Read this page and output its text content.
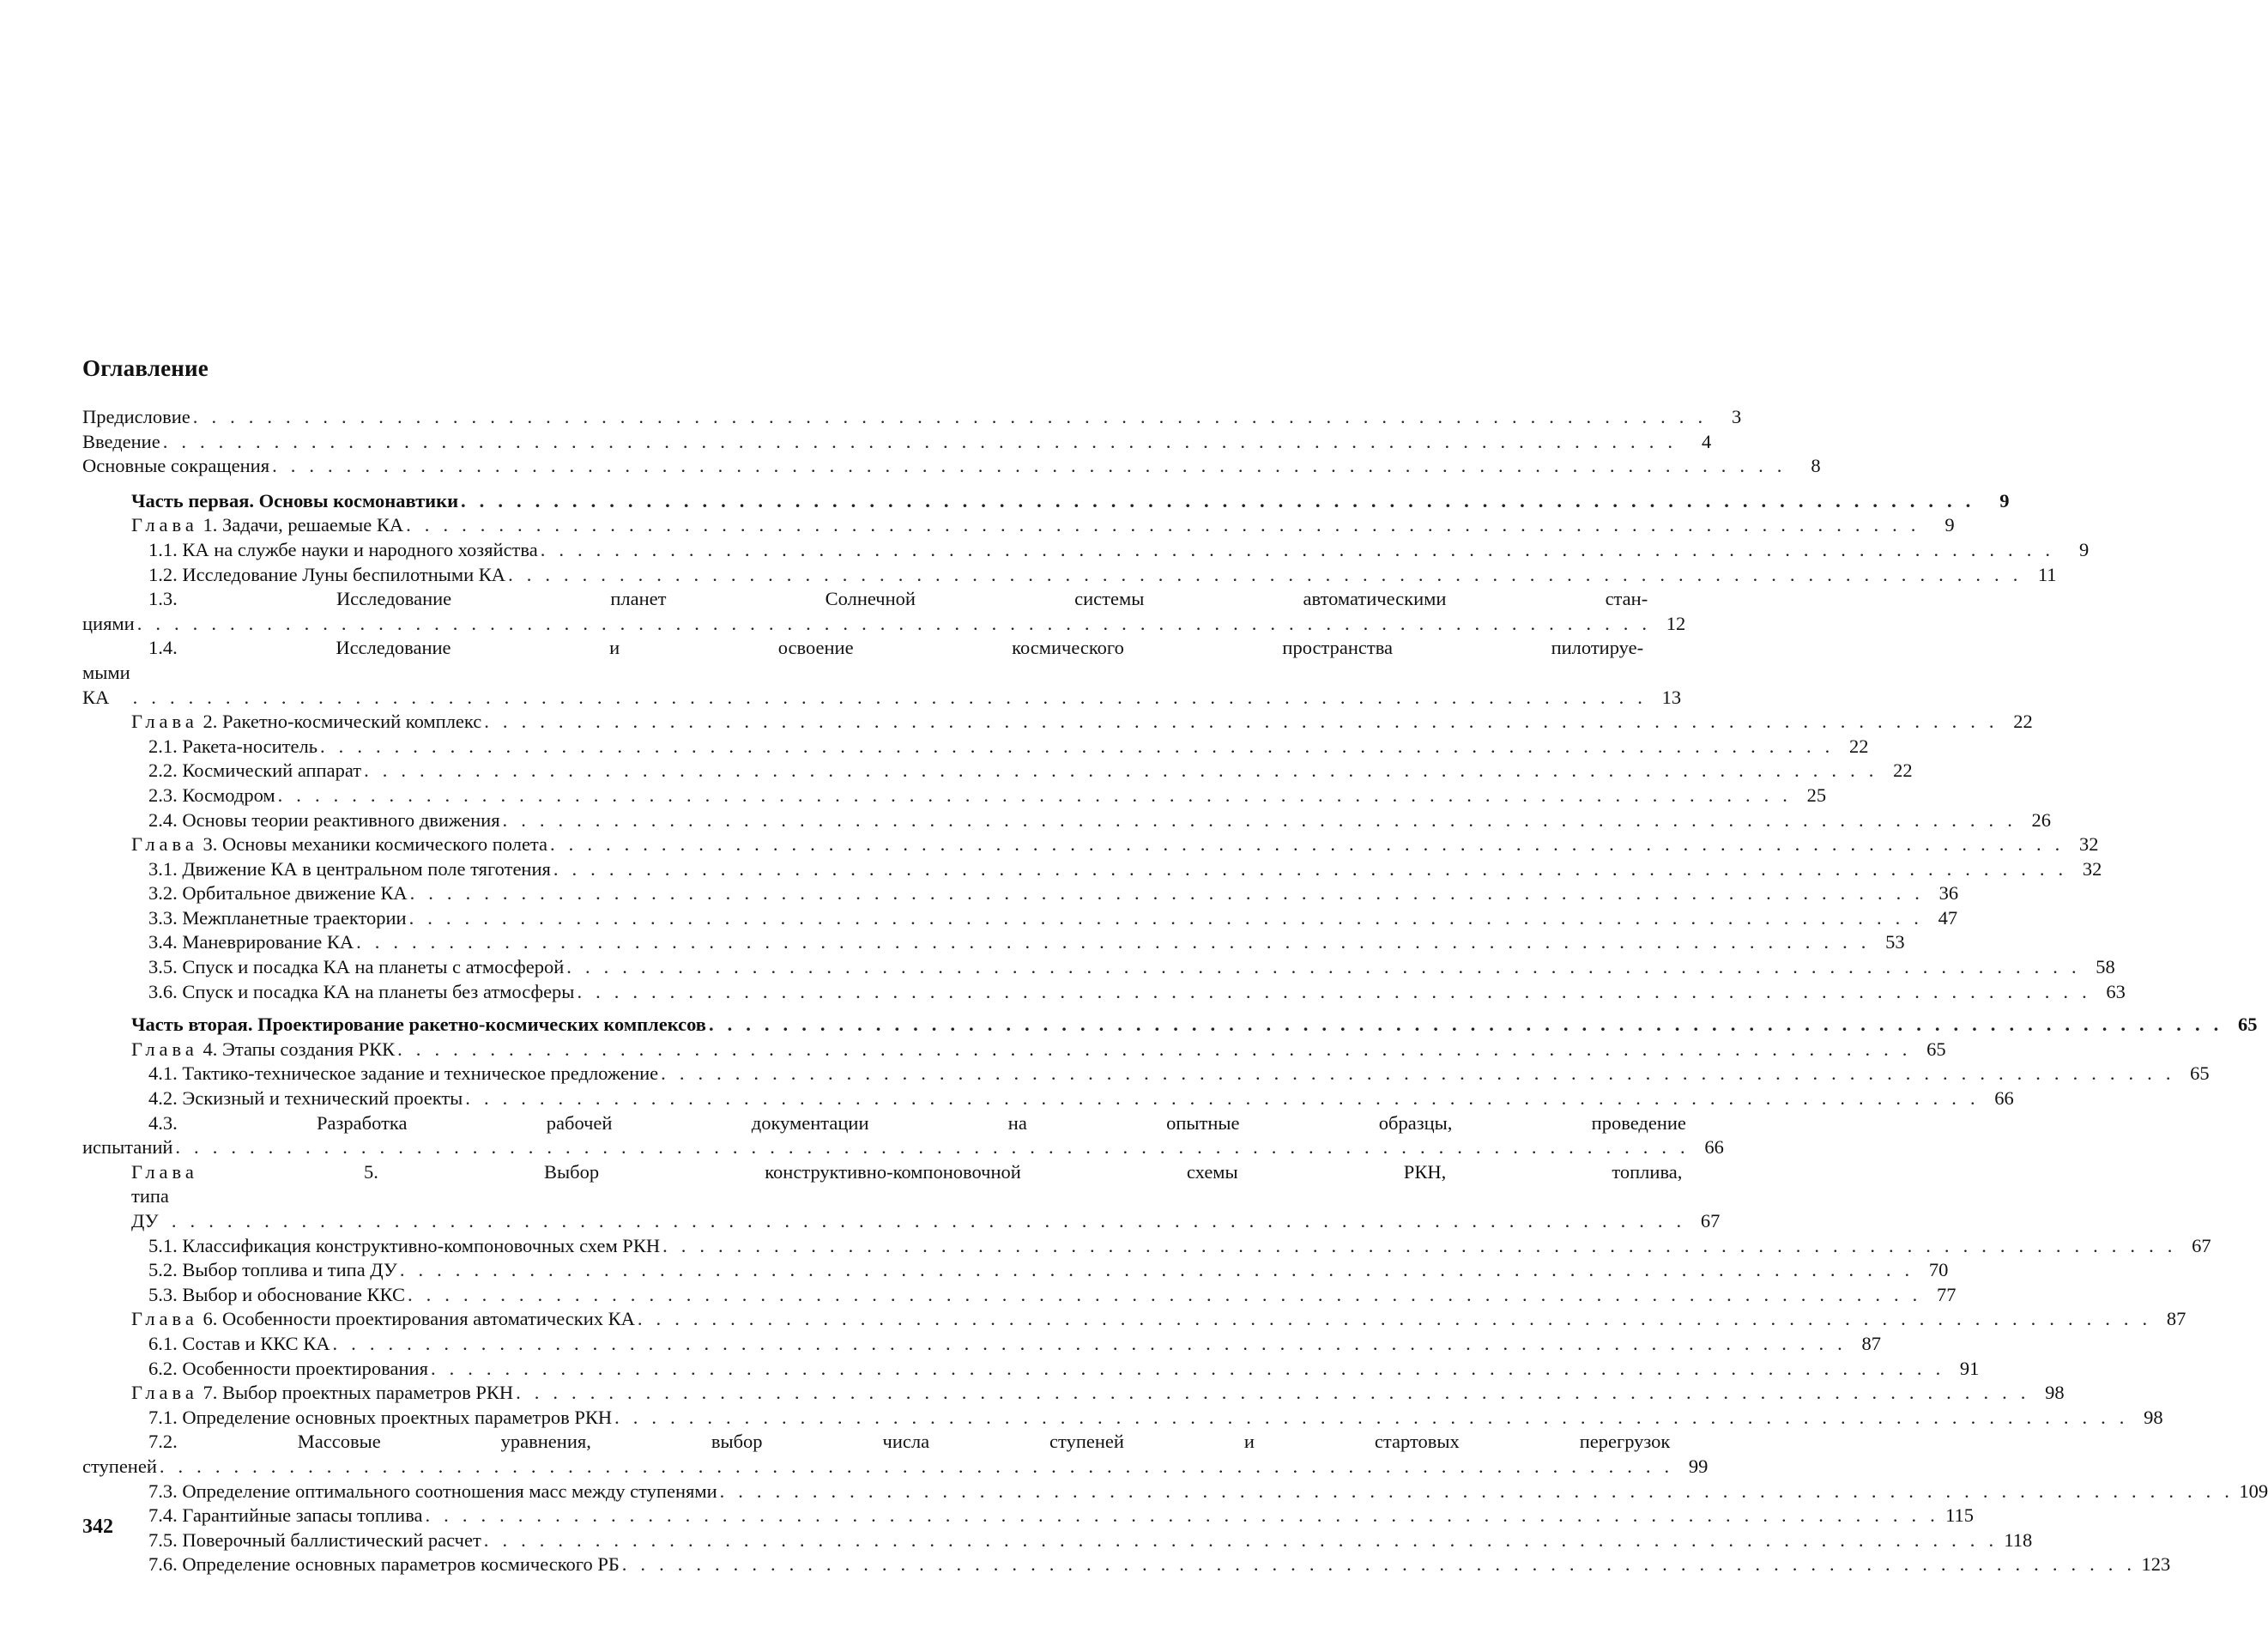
Оглавление
Предисловие . . .	3
Введение . . .	4
Основные сокращения . . .	8
Часть первая. Основы космонавтики . . .	9
Глава 1. Задачи, решаемые КА . . .	9
1.1. КА на службе науки и народного хозяйства . . .	9
1.2. Исследование Луны беспилотными КА . . .	11
1.3. Исследование планет Солнечной системы автоматическими стан-
циями . . .	12
1.4. Исследование и освоение космического пространства пилотируе-
мыми КА . . .	13
Глава 2. Ракетно-космический комплекс . . .	22
2.1. Ракета-носитель . . .	22
2.2. Космический аппарат . . .	22
2.3. Космодром . . .	25
2.4. Основы теории реактивного движения . . .	26
Глава 3. Основы механики космического полета . . .	32
3.1. Движение КА в центральном поле тяготения . . .	32
3.2. Орбитальное движение КА . . .	36
3.3. Межпланетные траектории . . .	47
3.4. Маневрирование КА . . .	53
3.5. Спуск и посадка КА на планеты с атмосферой . . .	58
3.6. Спуск и посадка КА на планеты без атмосферы . . .	63
Часть вторая. Проектирование ракетно-космических комплексов . . .	65
Глава 4. Этапы создания РКК . . .	65
4.1. Тактико-техническое задание и техническое предложение . . .	65
4.2. Эскизный и технический проекты . . .	66
4.3. Разработка рабочей документации на опытные образцы, проведение
испытаний . . .	66
Глава	5. Выбор конструктивно-компоновочной схемы РКН, топлива,
типа ДУ . . .	67
5.1. Классификация конструктивно-компоновочных схем РКН . . .	67
5.2. Выбор топлива и типа ДУ . . .	70
5.3. Выбор и обоснование ККС . . .	77
Глава 6. Особенности проектирования автоматических КА . . .	87
6.1. Состав и ККС КА . . .	87
6.2. Особенности проектирования . . .	91
Глава 7. Выбор проектных параметров РКН . . .	98
7.1. Определение основных проектных параметров РКН . . .	98
7.2. Массовые уравнения, выбор числа ступеней и стартовых перегрузок
ступеней . . .	99
7.3. Определение оптимального соотношения масс между ступенями . . .	109
7.4. Гарантийные запасы топлива . . .	115
7.5. Поверочный баллистический расчет . . .	118
7.6. Определение основных параметров космического РБ . . .	123
342
